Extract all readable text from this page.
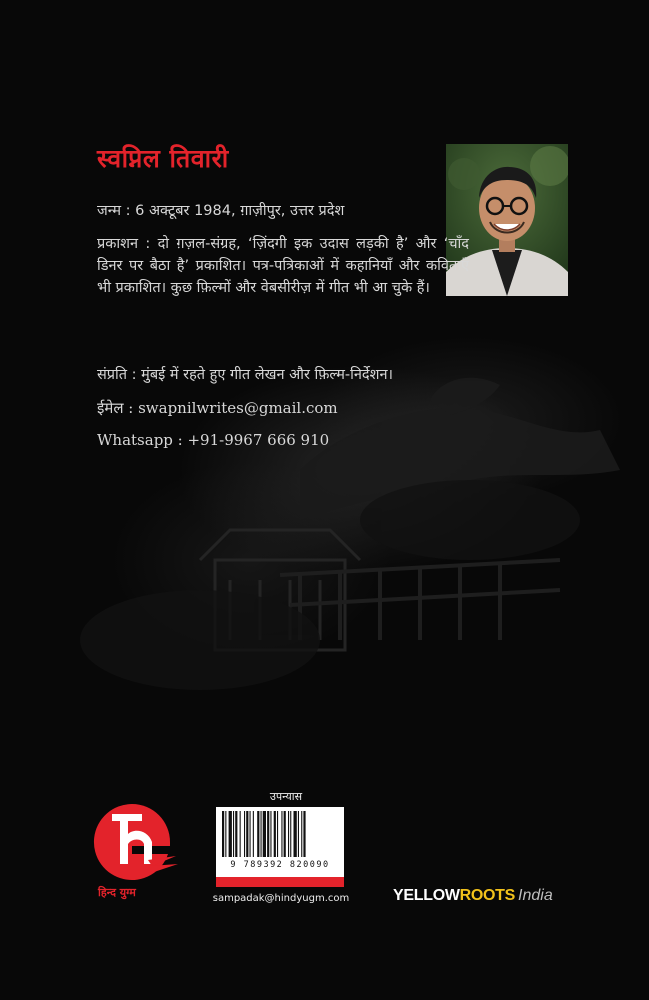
स्वप्निल तिवारी
जन्म : 6 अक्टूबर 1984, ग़ाज़ीपुर, उत्तर प्रदेश
प्रकाशन : दो ग़ज़ल-संग्रह, ‘ज़िंदगी इक उदास लड़की है’ और ‘चाँद डिनर पर बैठा है’ प्रकाशित। पत्र-पत्रिकाओं में कहानियाँ और कविताएँ भी प्रकाशित। कुछ फ़िल्मों और वेबसीरीज़ में गीत भी आ चुके हैं।
संप्रति : मुंबई में रहते हुए गीत लेखन और फ़िल्म-निर्देशन।
ईमेल : swapnilwrites@gmail.com
Whatsapp : +91-9967 666 910
हिन्द युग्म
उपन्यास
9 789392 820090
sampadak@hindyugm.com	YELLOWROOTS India
